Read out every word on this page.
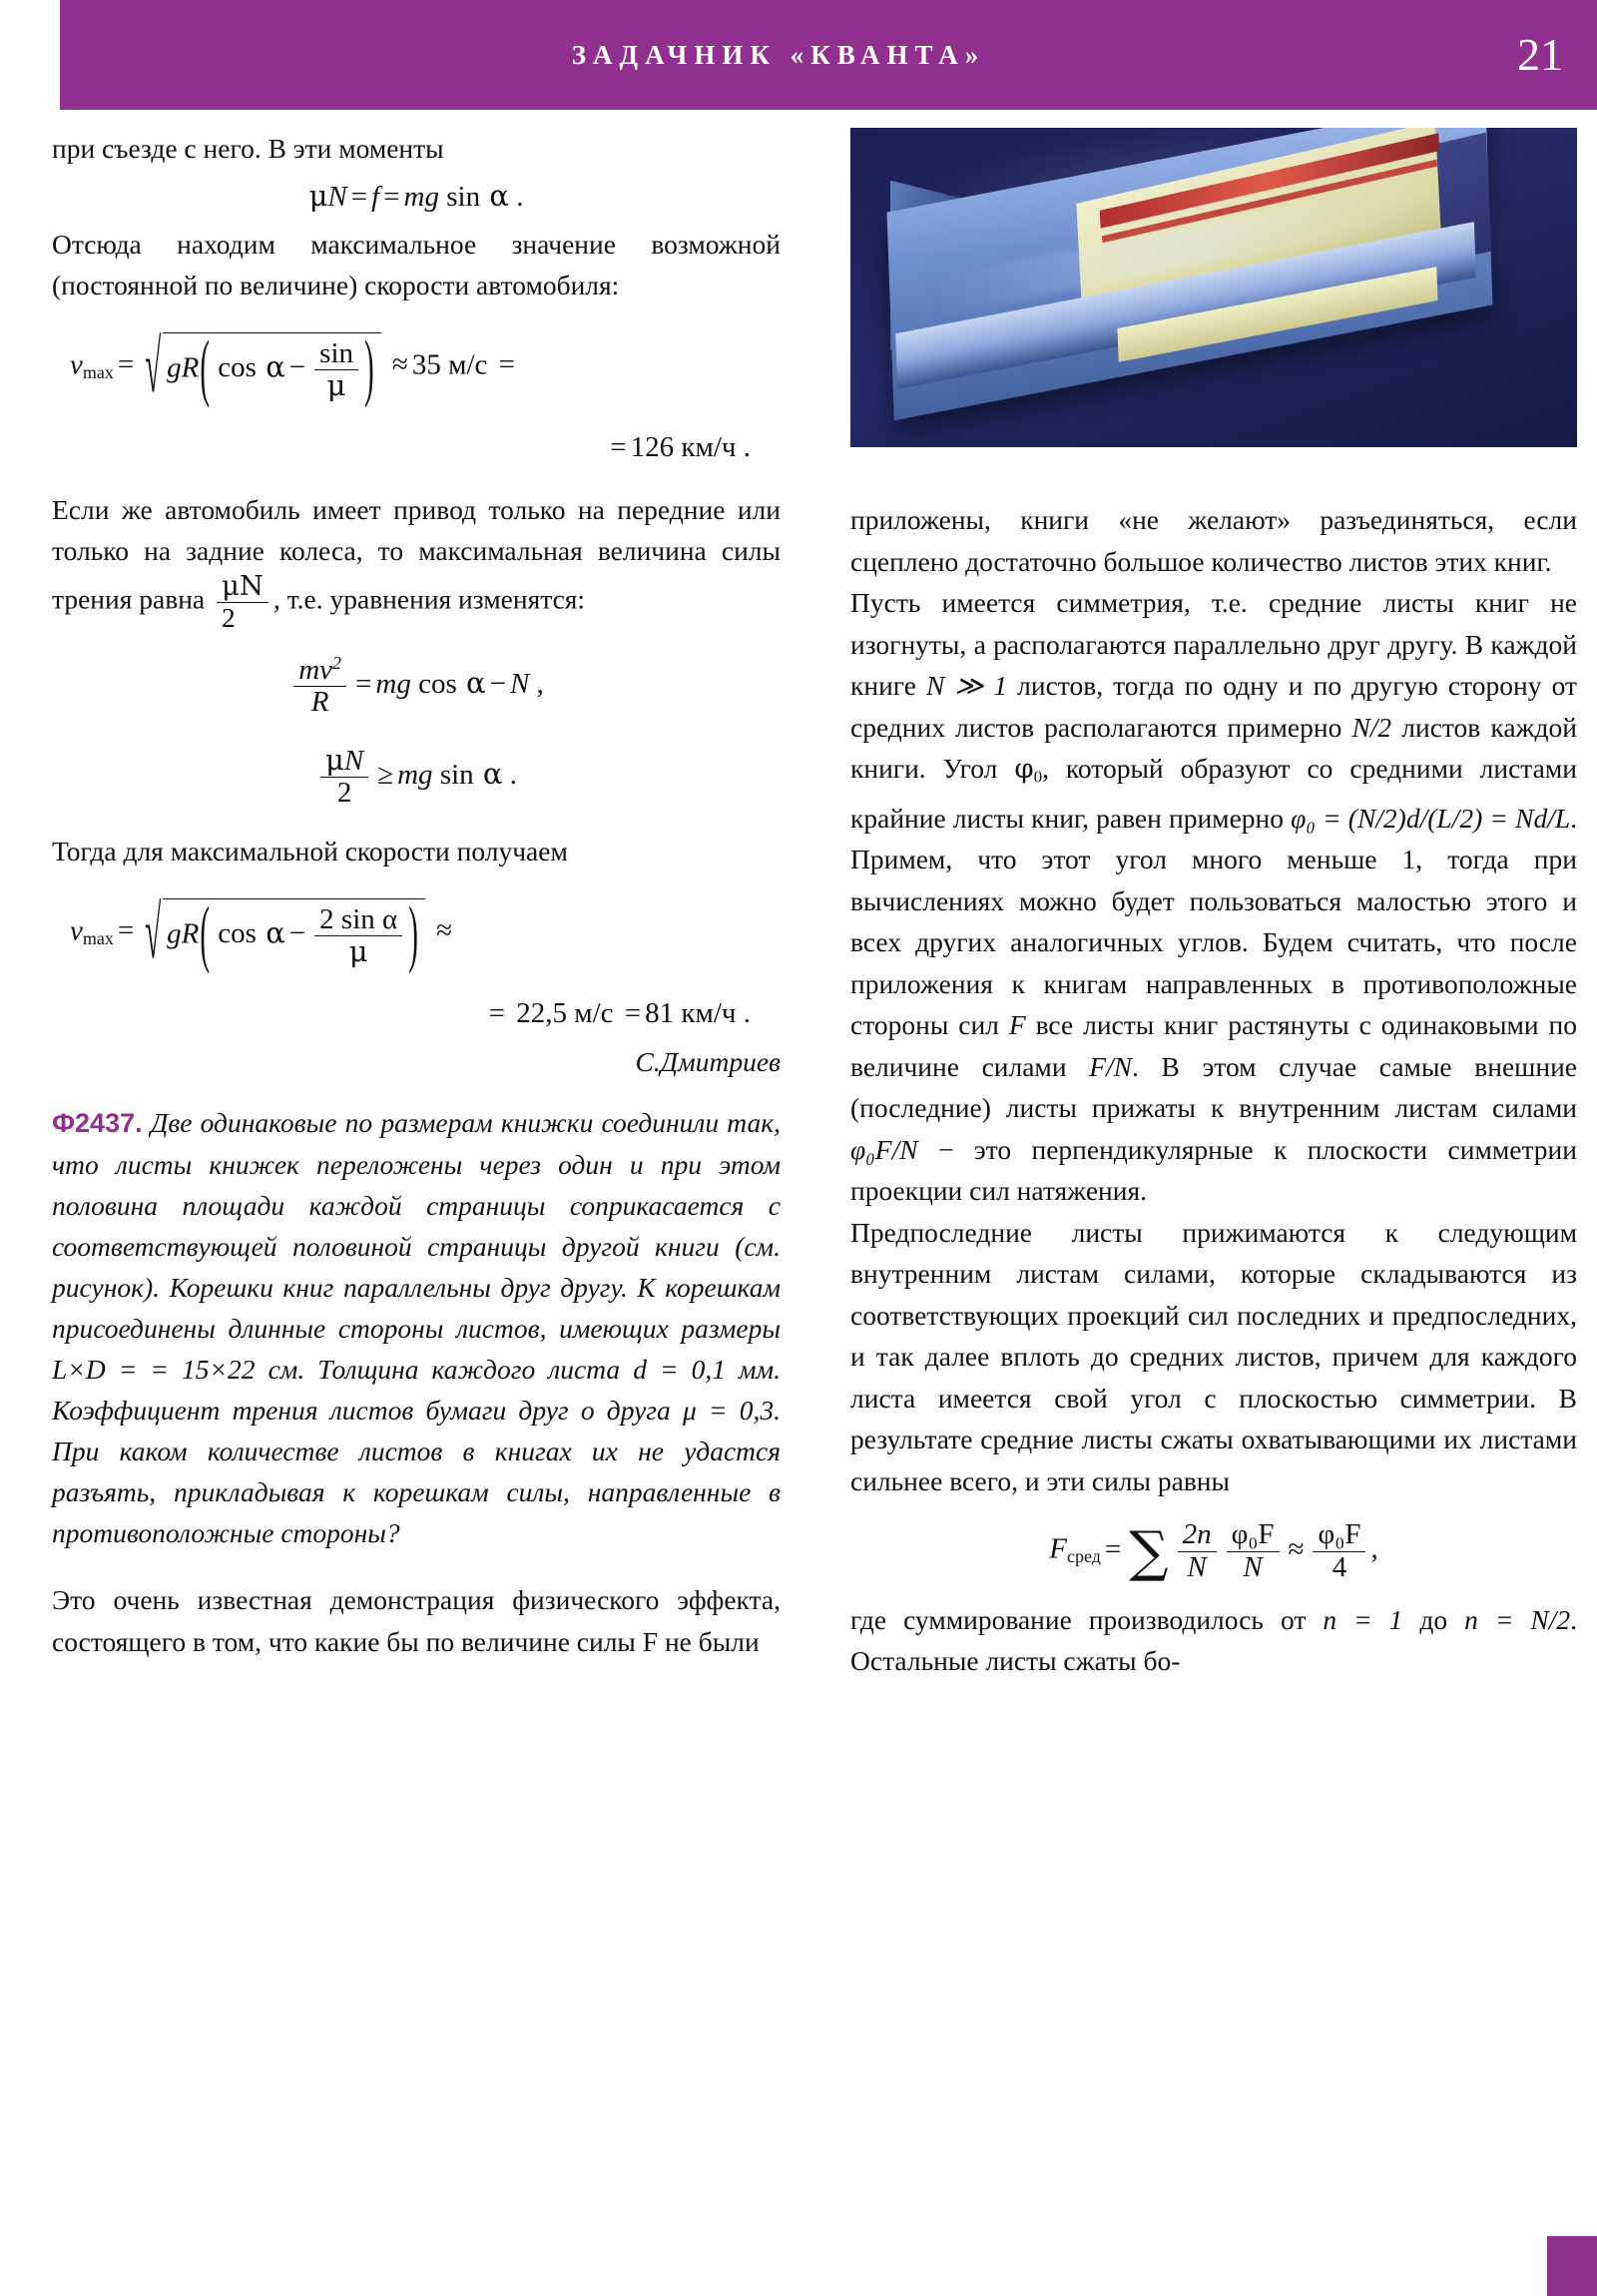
ЗАДАЧНИК «КВАНТА»	21

при съезде с него. В эти моменты

μN = f = mg sin α .

Отсюда находим максимальное значение возможной (постоянной по величине) скорости автомобиля:

$v_{max}$ = √ gR( $\cos \alpha - \frac{\sin}{\mu}$ ) ≈ 35 м/с =
= 126 км/ч .

Если же автомобиль имеет привод только на передние или только на задние колеса, то максимальная величина силы трения равна $\frac{\mu N}{2}$ , т.е. уравнения изменятся:

$\frac{mv^2}{R}$ = mg cos α − N ,
$\frac{\mu N}{2}$ ≥ mg sin α .

Тогда для максимальной скорости получаем

$v_{max}$ = √ gR( $\cos \alpha - \frac{\text{2 sin α}}{\mu}$ ) ≈
= 22,5 м/с = 81 км/ч .

С.Дмитриев

Ф2437. Две одинаковые по размерам книжки соединили так, что листы книжек переложены через один и при этом половина площади каждой страницы соприкасается с соответствующей половиной страницы другой книги (см. рисунок). Корешки книг параллельны друг другу. К корешкам присоединены длинные стороны листов, имеющих размеры L×D = = 15×22 см. Толщина каждого листа d = 0,1 мм. Коэффициент трения листов бумаги друг о друга μ = 0,3. При каком количестве листов в книгах их не удастся разъять, прикладывая к корешкам силы, направленные в противоположные стороны?

Это очень известная демонстрация физического эффекта, состоящего в том, что какие бы по величине силы F не были

приложены, книги «не желают» разъединяться, если сцеплено достаточно большое количество листов этих книг.

Пусть имеется симметрия, т.е. средние листы книг не изогнуты, а располагаются параллельно друг другу. В каждой книге N ≫ 1 листов, тогда по одну и по другую сторону от средних листов располагаются примерно N/2 листов каждой книги. Угол $\varphi_0$, который образуют со средними листами крайние листы книг, равен примерно φ₀ = (N/2)d/(L/2) = Nd/L. Примем, что этот угол много меньше 1, тогда при вычислениях можно будет пользоваться малостью этого и всех других аналогичных углов. Будем считать, что после приложения к книгам направленных в противоположные стороны сил F все листы книг растянуты с одинаковыми по величине силами F/N. В этом случае самые внешние (последние) листы прижаты к внутренним листам силами φ₀F/N − это перпендикулярные к плоскости симметрии проекции сил натяжения.

Предпоследние листы прижимаются к следующим внутренним листам силами, которые складываются из соответствующих проекций сил последних и предпоследних, и так далее вплоть до средних листов, причем для каждого листа имеется свой угол с плоскостью симметрии. В результате средние листы сжаты охватывающими их листами сильнее всего, и эти силы равны

$F_{сред}$ = ∑ $\frac{2n}{N} \frac{\text{φ₀F}}{N} \approx \frac{\text{φ₀F}}{4}$ ,

где суммирование производилось от n = 1 до n = N/2. Остальные листы сжаты бо-
